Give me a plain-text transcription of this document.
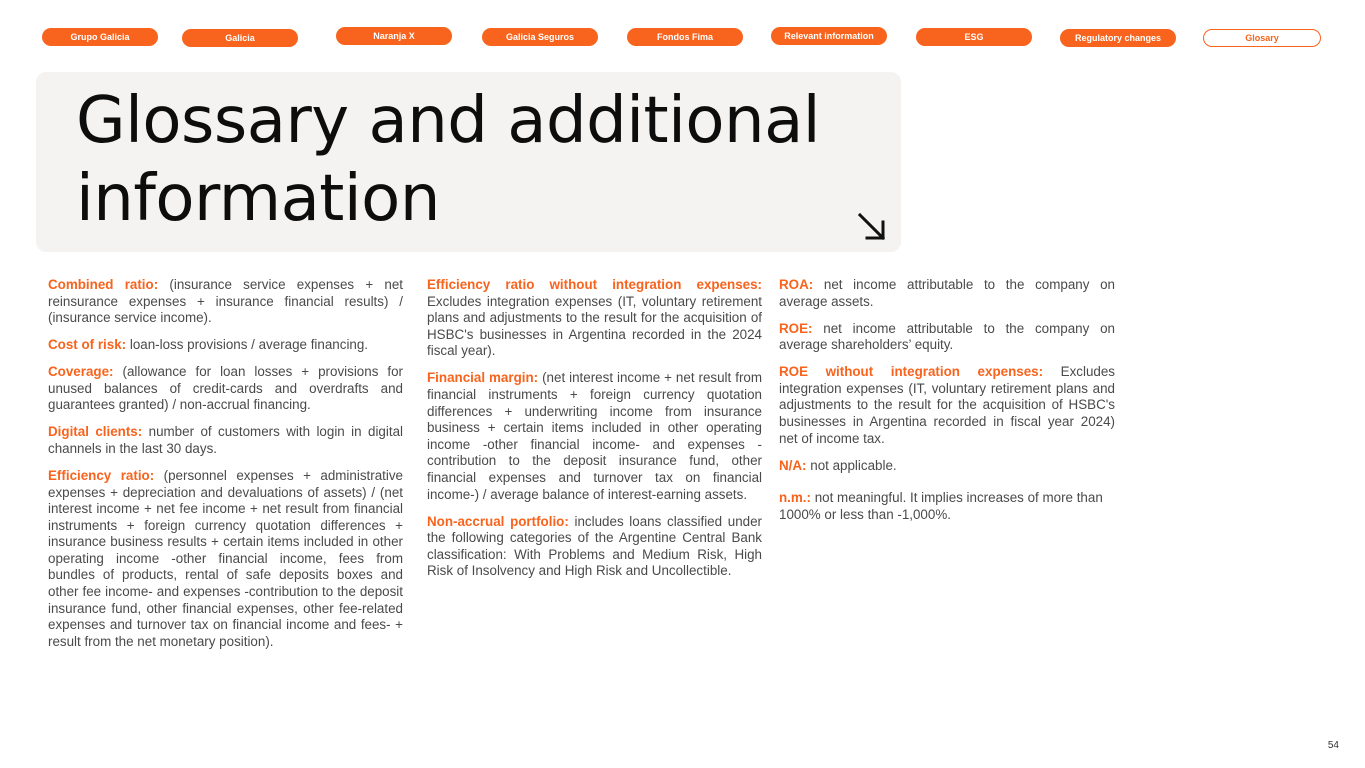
Grupo Galicia	Galicia	Naranja X	Galicia Seguros	Fondos Fima	Relevant information	ESG	Regulatory changes	Glosary
Glossary and additional
information

Combined ratio: (insurance service expenses + net reinsurance expenses + insurance financial results) / (insurance service income).

Cost of risk: loan-loss provisions / average financing.

Coverage: (allowance for loan losses + provisions for unused balances of credit-cards and overdrafts and guarantees granted) / non-accrual financing.

Digital clients: number of customers with login in digital channels in the last 30 days.

Efficiency ratio: (personnel expenses + administrative expenses + depreciation and devaluations of assets) / (net interest income + net fee income + net result from financial instruments + foreign currency quotation differences + insurance business results + certain items included in other operating income -other financial income, fees from bundles of products, rental of safe deposits boxes and other fee income- and expenses -contribution to the deposit insurance fund, other financial expenses, other fee-related expenses and turnover tax on financial income and fees- + result from the net monetary position).

Efficiency ratio without integration expenses: Excludes integration expenses (IT, voluntary retirement plans and adjustments to the result for the acquisition of HSBC's businesses in Argentina recorded in the 2024 fiscal year).

Financial margin: (net interest income + net result from financial instruments + foreign currency quotation differences + underwriting income from insurance business + certain items included in other operating income -other financial income- and expenses -contribution to the deposit insurance fund, other financial expenses and turnover tax on financial income-) / average balance of interest-earning assets.

Non-accrual portfolio: includes loans classified under the following categories of the Argentine Central Bank classification: With Problems and Medium Risk, High Risk of Insolvency and High Risk and Uncollectible.

ROA: net income attributable to the company on average assets.

ROE: net income attributable to the company on average shareholders’ equity.

ROE without integration expenses: Excludes integration expenses (IT, voluntary retirement plans and adjustments to the result for the acquisition of HSBC's businesses in Argentina recorded in fiscal year 2024) net of income tax.

N/A: not applicable.

n.m.: not meaningful. It implies increases of more than 1000% or less than -1,000%.

54
